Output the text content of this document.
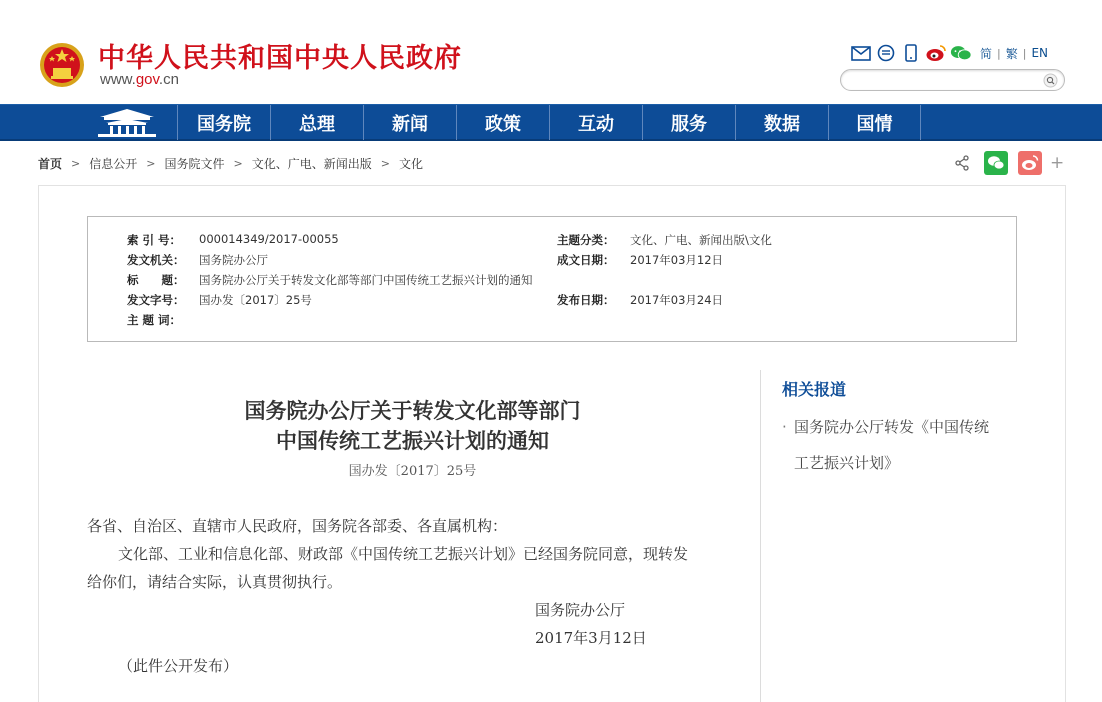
中华人民共和国中央人民政府
www.gov.cn
简 | 繁 | EN
国务院	总理	新闻	政策	互动	服务	数据	国情
首页 > 信息公开 > 国务院文件 > 文化、广电、新闻出版 > 文化	+
索 引 号： 000014349/2017-00055	主题分类： 文化、广电、新闻出版\文化
发文机关： 国务院办公厅	成文日期： 2017年03月12日
标　　题： 国务院办公厅关于转发文化部等部门中国传统工艺振兴计划的通知
发文字号： 国办发〔2017〕25号	发布日期： 2017年03月24日
主 题 词：
国务院办公厅关于转发文化部等部门
中国传统工艺振兴计划的通知
国办发〔2017〕25号
各省、自治区、直辖市人民政府，国务院各部委、各直属机构：
文化部、工业和信息化部、财政部《中国传统工艺振兴计划》已经国务院同意，现转发
给你们，请结合实际，认真贯彻执行。
国务院办公厅
2017年3月12日
（此件公开发布）
相关报道
· 国务院办公厅转发《中国传统
工艺振兴计划》
